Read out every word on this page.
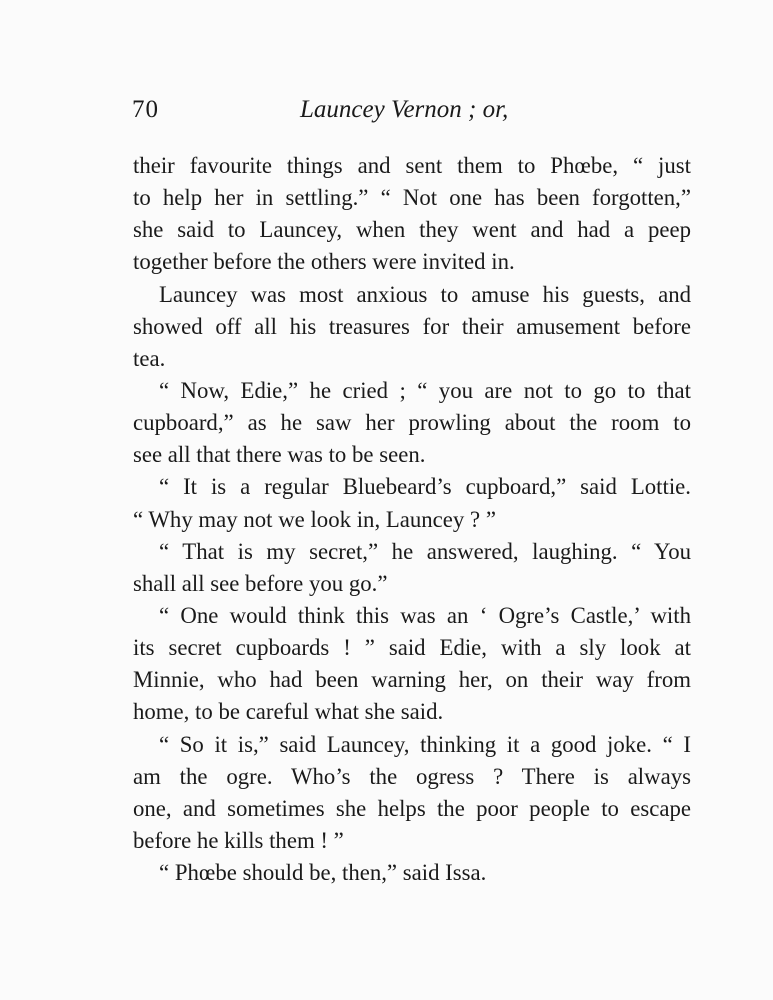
70	Launcey Vernon ; or,
their favourite things and sent them to Phœbe, “ just
to help her in settling.” “ Not one has been forgotten,”
she said to Launcey, when they went and had a peep
together before the others were invited in.
Launcey was most anxious to amuse his guests, and
showed off all his treasures for their amusement before
tea.
“ Now, Edie,” he cried ; “ you are not to go to that
cupboard,” as he saw her prowling about the room to
see all that there was to be seen.
“ It is a regular Bluebeard’s cupboard,” said Lottie.
“ Why may not we look in, Launcey ? ”
“ That is my secret,” he answered, laughing. “ You
shall all see before you go.”
“ One would think this was an ‘ Ogre’s Castle,’ with
its secret cupboards ! ” said Edie, with a sly look at
Minnie, who had been warning her, on their way from
home, to be careful what she said.
“ So it is,” said Launcey, thinking it a good joke. “ I
am the ogre. Who’s the ogress ? There is always
one, and sometimes she helps the poor people to escape
before he kills them ! ”
“ Phœbe should be, then,” said Issa.
